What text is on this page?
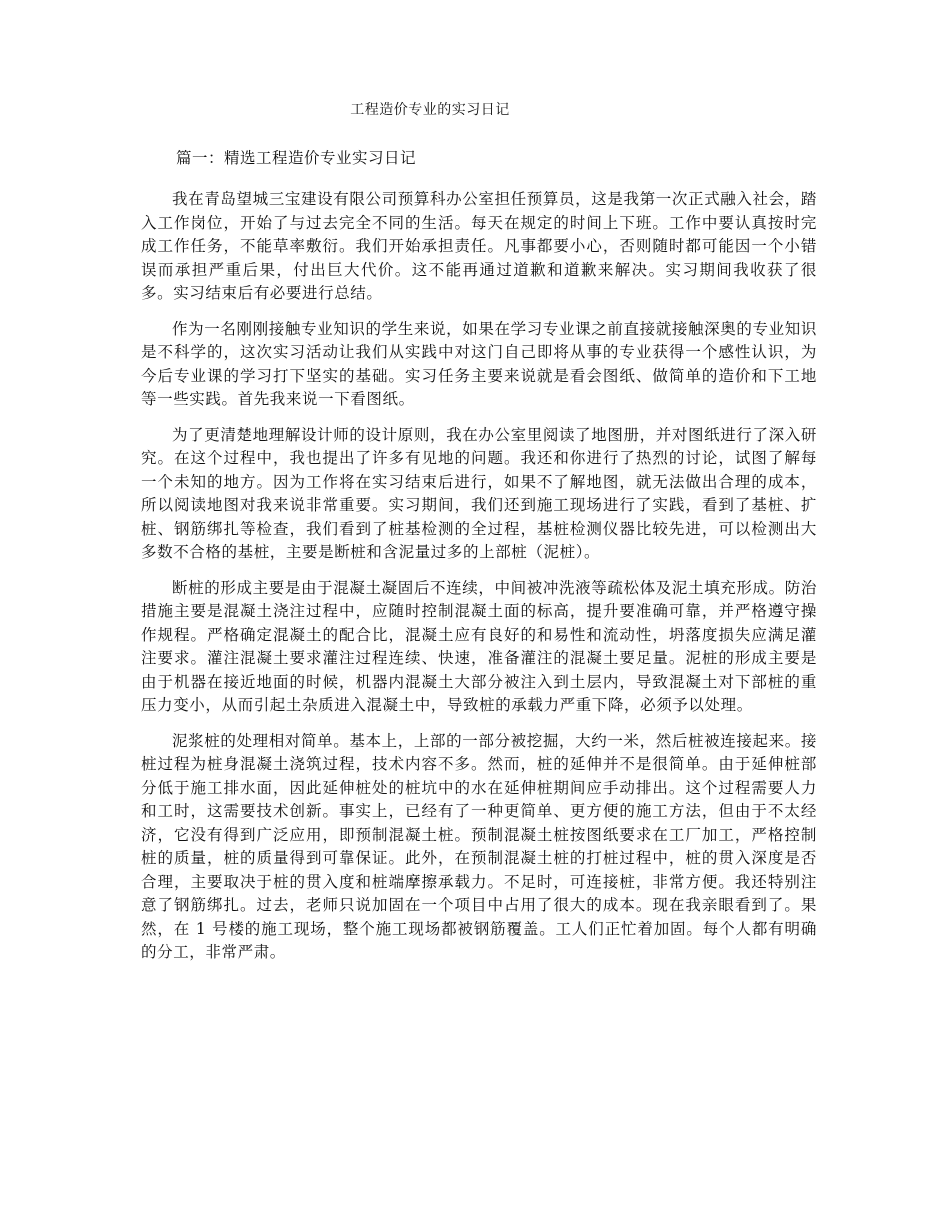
工程造价专业的实习日记
篇一：精选工程造价专业实习日记

我在青岛望城三宝建设有限公司预算科办公室担任预算员，这是我第一次正式融入社会，踏入工作岗位，开始了与过去完全不同的生活。每天在规定的时间上下班。工作中要认真按时完成工作任务，不能草率敷衍。我们开始承担责任。凡事都要小心，否则随时都可能因一个小错误而承担严重后果，付出巨大代价。这不能再通过道歉和道歉来解决。实习期间我收获了很多。实习结束后有必要进行总结。

作为一名刚刚接触专业知识的学生来说，如果在学习专业课之前直接就接触深奥的专业知识是不科学的，这次实习活动让我们从实践中对这门自己即将从事的专业获得一个感性认识，为今后专业课的学习打下坚实的基础。实习任务主要来说就是看会图纸、做简单的造价和下工地等一些实践。首先我来说一下看图纸。

为了更清楚地理解设计师的设计原则，我在办公室里阅读了地图册，并对图纸进行了深入研究。在这个过程中，我也提出了许多有见地的问题。我还和你进行了热烈的讨论，试图了解每一个未知的地方。因为工作将在实习结束后进行，如果不了解地图，就无法做出合理的成本，所以阅读地图对我来说非常重要。实习期间，我们还到施工现场进行了实践，看到了基桩、扩桩、钢筋绑扎等检查，我们看到了桩基检测的全过程，基桩检测仪器比较先进，可以检测出大多数不合格的基桩，主要是断桩和含泥量过多的上部桩（泥桩）。

断桩的形成主要是由于混凝土凝固后不连续，中间被冲洗液等疏松体及泥土填充形成。防治措施主要是混凝土浇注过程中，应随时控制混凝土面的标高，提升要准确可靠，并严格遵守操作规程。严格确定混凝土的配合比，混凝土应有良好的和易性和流动性，坍落度损失应满足灌注要求。灌注混凝土要求灌注过程连续、快速，准备灌注的混凝土要足量。泥桩的形成主要是由于机器在接近地面的时候，机器内混凝土大部分被注入到土层内，导致混凝土对下部桩的重压力变小，从而引起土杂质进入混凝土中，导致桩的承载力严重下降，必须予以处理。

泥浆桩的处理相对简单。基本上，上部的一部分被挖掘，大约一米，然后桩被连接起来。接桩过程为桩身混凝土浇筑过程，技术内容不多。然而，桩的延伸并不是很简单。由于延伸桩部分低于施工排水面，因此延伸桩处的桩坑中的水在延伸桩期间应手动排出。这个过程需要人力和工时，这需要技术创新。事实上，已经有了一种更简单、更方便的施工方法，但由于不太经济，它没有得到广泛应用，即预制混凝土桩。预制混凝土桩按图纸要求在工厂加工，严格控制桩的质量，桩的质量得到可靠保证。此外，在预制混凝土桩的打桩过程中，桩的贯入深度是否合理，主要取决于桩的贯入度和桩端摩擦承载力。不足时，可连接桩，非常方便。我还特别注意了钢筋绑扎。过去，老师只说加固在一个项目中占用了很大的成本。现在我亲眼看到了。果然，在 1 号楼的施工现场，整个施工现场都被钢筋覆盖。工人们正忙着加固。每个人都有明确的分工，非常严肃。
